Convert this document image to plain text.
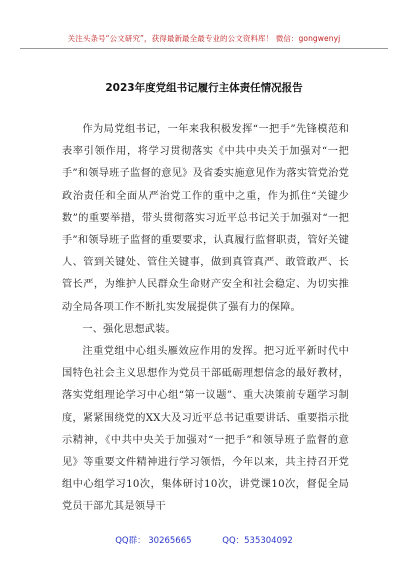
关注头条号“公文研究”，获得最新最全最专业的公文资料库！ 微信：gongwenyj
2023年度党组书记履行主体责任情况报告

作为局党组书记，一年来我积极发挥“一把手”先锋模范和表率引领作用，将学习贯彻落实《中共中央关于加强对“一把手”和领导班子监督的意见》及省委实施意见作为落实管党治党政治责任和全面从严治党工作的重中之重，作为抓住“关键少数”的重要举措，带头贯彻落实习近平总书记关于加强对“一把手”和领导班子监督的重要要求，认真履行监督职责，管好关键人、管到关键处、管住关键事，做到真管真严、敢管敢严、长管长严，为维护人民群众生命财产安全和社会稳定、为切实推动全局各项工作不断扎实发展提供了强有力的保障。

一、强化思想武装。

注重党组中心组头雁效应作用的发挥。把习近平新时代中国特色社会主义思想作为党员干部砥砺理想信念的最好教材，落实党组理论学习中心组“第一议题”、重大决策前专题学习制度，紧紧围绕党的XX大及习近平总书记重要讲话、重要指示批示精神，《中共中央关于加强对“一把手”和领导班子监督的意见》等重要文件精神进行学习领悟，今年以来，共主持召开党组中心组学习10次，集体研讨10次，讲党课10次，督促全局党员干部尤其是领导干

QQ群： 30265665	QQ：535304092
